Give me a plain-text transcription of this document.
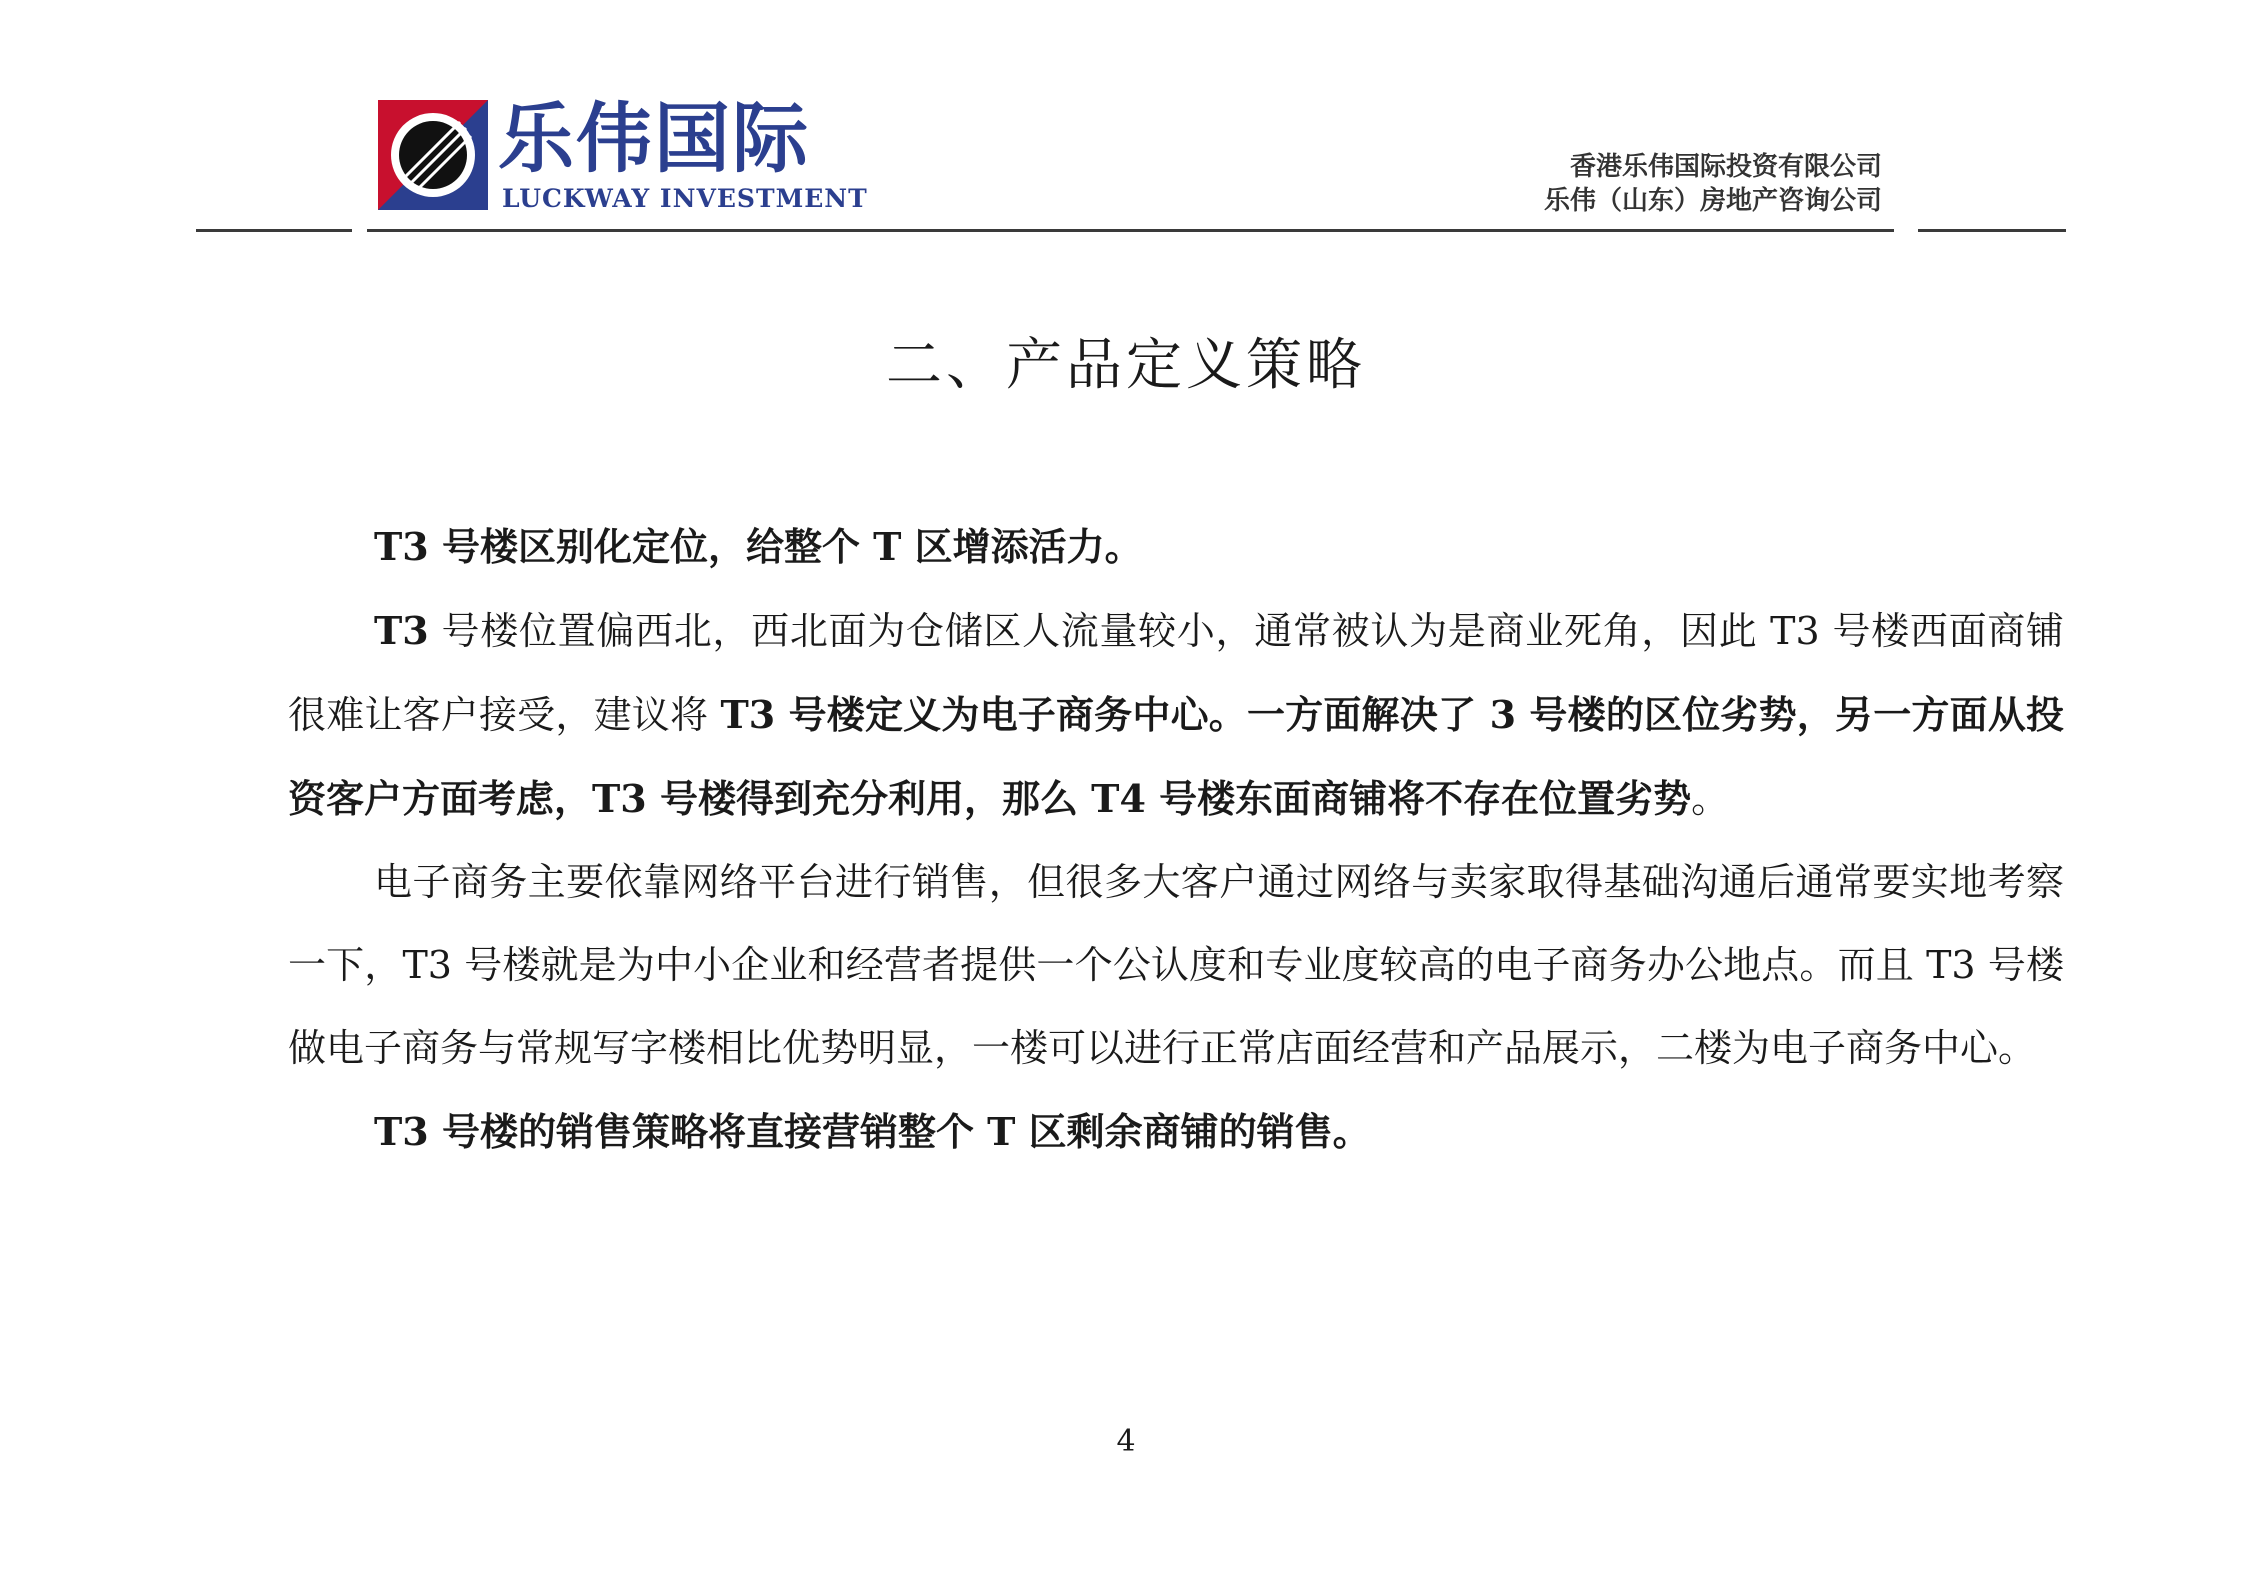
乐伟国际
LUCKWAY INVESTMENT
香港乐伟国际投资有限公司
乐伟（山东）房地产咨询公司
二、产品定义策略

T3 号楼区别化定位，给整个 T 区增添活力。

T3 号楼位置偏西北，西北面为仓储区人流量较小，通常被认为是商业死角，因此 T3 号楼西面商铺很难让客户接受，建议将 T3 号楼定义为电子商务中心。一方面解决了 3 号楼的区位劣势，另一方面从投资客户方面考虑，T3 号楼得到充分利用，那么 T4 号楼东面商铺将不存在位置劣势。

电子商务主要依靠网络平台进行销售，但很多大客户通过网络与卖家取得基础沟通后通常要实地考察一下，T3 号楼就是为中小企业和经营者提供一个公认度和专业度较高的电子商务办公地点。而且 T3 号楼做电子商务与常规写字楼相比优势明显，一楼可以进行正常店面经营和产品展示，二楼为电子商务中心。

T3 号楼的销售策略将直接营销整个 T 区剩余商铺的销售。

4
